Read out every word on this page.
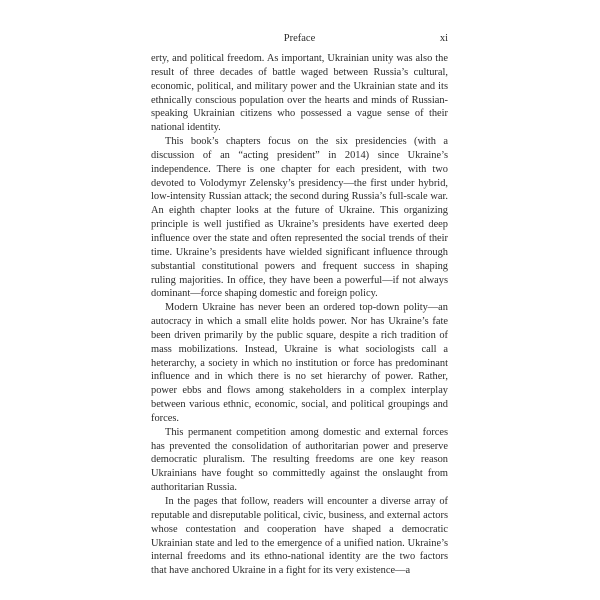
Preface	xi

erty, and political freedom. As important, Ukrainian unity was also the result of three decades of battle waged between Russia’s cultural, economic, political, and military power and the Ukrainian state and its ethnically conscious population over the hearts and minds of Russian-speaking Ukrainian citizens who possessed a vague sense of their national identity.

This book’s chapters focus on the six presidencies (with a discussion of an “acting president” in 2014) since Ukraine’s independence. There is one chapter for each president, with two devoted to Volodymyr Zelensky’s presidency—the first under hybrid, low-intensity Russian attack; the second during Russia’s full-scale war. An eighth chapter looks at the future of Ukraine. This organizing principle is well justified as Ukraine’s presidents have exerted deep influence over the state and often represented the social trends of their time. Ukraine’s presidents have wielded significant influence through substantial constitutional powers and frequent success in shaping ruling majorities. In office, they have been a powerful—if not always dominant—force shaping domestic and foreign policy.

Modern Ukraine has never been an ordered top-down polity—an autocracy in which a small elite holds power. Nor has Ukraine’s fate been driven primarily by the public square, despite a rich tradition of mass mobilizations. Instead, Ukraine is what sociologists call a heterarchy, a society in which no institution or force has predominant influence and in which there is no set hierarchy of power. Rather, power ebbs and flows among stakeholders in a complex interplay between various ethnic, economic, social, and political groupings and forces.

This permanent competition among domestic and external forces has prevented the consolidation of authoritarian power and preserve democratic pluralism. The resulting freedoms are one key reason Ukrainians have fought so committedly against the onslaught from authoritarian Russia.

In the pages that follow, readers will encounter a diverse array of reputable and disreputable political, civic, business, and external actors whose contestation and cooperation have shaped a democratic Ukrainian state and led to the emergence of a unified nation. Ukraine’s internal freedoms and its ethno-national identity are the two factors that have anchored Ukraine in a fight for its very existence—a
